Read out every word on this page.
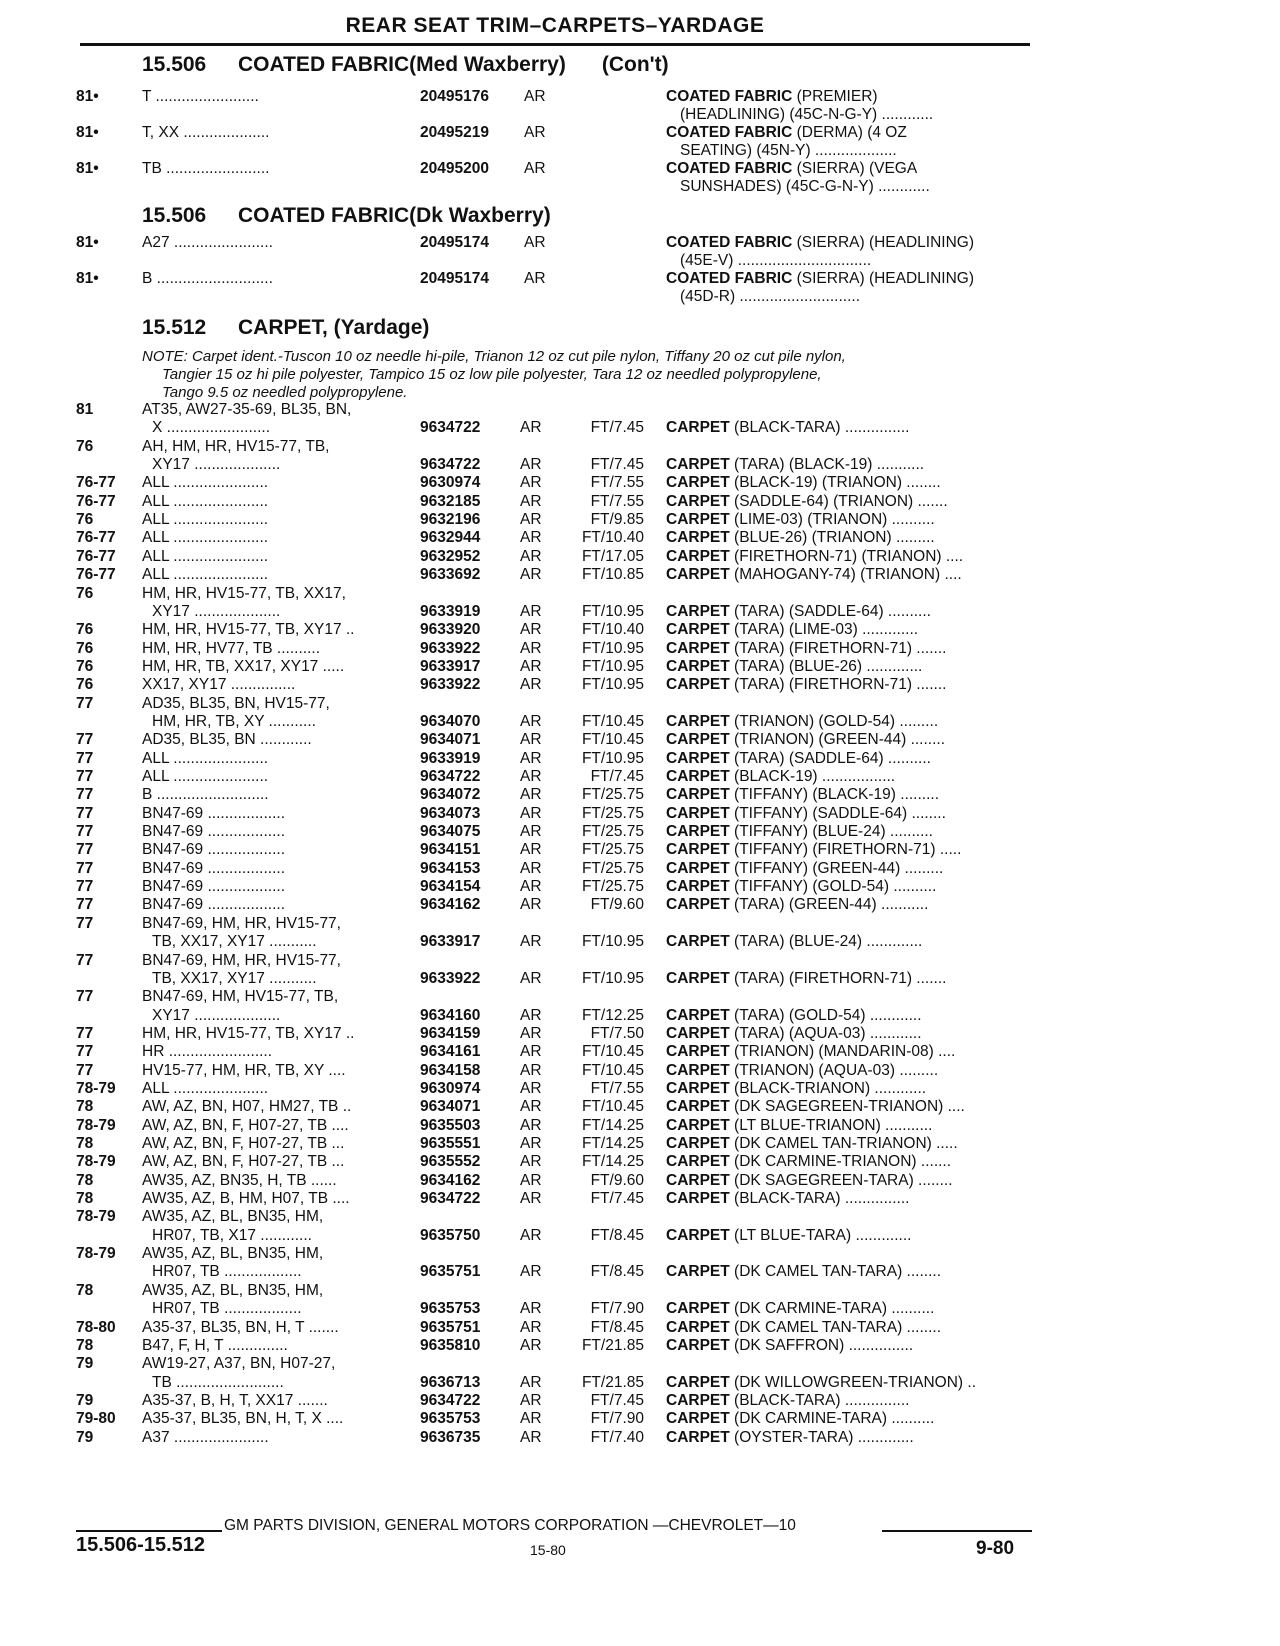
REAR SEAT TRIM–CARPETS–YARDAGE
15.506 COATED FABRIC(Med Waxberry) (Con't)
81•	T ........................	20495176	AR	COATED FABRIC (PREMIER)
(HEADLINING) (45C-N-G-Y) ............
81•	T, XX ....................	20495219	AR	COATED FABRIC (DERMA) (4 OZ
SEATING) (45N-Y) ...................
81•	TB ........................	20495200	AR	COATED FABRIC (SIERRA) (VEGA
SUNSHADES) (45C-G-N-Y) ............
15.506 COATED FABRIC(Dk Waxberry)
81•	A27 .......................	20495174	AR	COATED FABRIC (SIERRA) (HEADLINING)
(45E-V) ...............................
81•	B ...........................	20495174	AR	COATED FABRIC (SIERRA) (HEADLINING)
(45D-R) ............................
15.512 CARPET, (Yardage)
NOTE: Carpet ident.-Tuscon 10 oz needle hi-pile, Trianon 12 oz cut pile nylon, Tiffany 20 oz cut pile nylon,
Tangier 15 oz hi pile polyester, Tampico 15 oz low pile polyester, Tara 12 oz needled polypropylene,
Tango 9.5 oz needled polypropylene.
81	AT35, AW27-35-69, BL35, BN,
X ........................	9634722	AR	FT/7.45 CARPET (BLACK-TARA) ...............
76	AH, HM, HR, HV15-77, TB,
XY17 ....................	9634722	AR	FT/7.45 CARPET (TARA) (BLACK-19) ...........
76-77	ALL ......................	9630974	AR	FT/7.55 CARPET (BLACK-19) (TRIANON) ........
76-77	ALL ......................	9632185	AR	FT/7.55 CARPET (SADDLE-64) (TRIANON) .......
76	ALL ......................	9632196	AR	FT/9.85 CARPET (LIME-03) (TRIANON) ..........
76-77	ALL ......................	9632944	AR	FT/10.40 CARPET (BLUE-26) (TRIANON) .........
76-77	ALL ......................	9632952	AR	FT/17.05 CARPET (FIRETHORN-71) (TRIANON) ....
76-77	ALL ......................	9633692	AR	FT/10.85 CARPET (MAHOGANY-74) (TRIANON) ....
76	HM, HR, HV15-77, TB, XX17,
XY17 ....................	9633919	AR	FT/10.95 CARPET (TARA) (SADDLE-64) ..........
76	HM, HR, HV15-77, TB, XY17 ..	9633920	AR	FT/10.40 CARPET (TARA) (LIME-03) .............
76	HM, HR, HV77, TB ..........	9633922	AR	FT/10.95 CARPET (TARA) (FIRETHORN-71) .......
76	HM, HR, TB, XX17, XY17 .....	9633917	AR	FT/10.95 CARPET (TARA) (BLUE-26) .............
76	XX17, XY17 ...............	9633922	AR	FT/10.95 CARPET (TARA) (FIRETHORN-71) .......
77	AD35, BL35, BN, HV15-77,
HM, HR, TB, XY ...........	9634070	AR	FT/10.45 CARPET (TRIANON) (GOLD-54) .........
77	AD35, BL35, BN ............	9634071	AR	FT/10.45 CARPET (TRIANON) (GREEN-44) ........
77	ALL ......................	9633919	AR	FT/10.95 CARPET (TARA) (SADDLE-64) ..........
77	ALL ......................	9634722	AR	FT/7.45 CARPET (BLACK-19) .................
77	B ..........................	9634072	AR	FT/25.75 CARPET (TIFFANY) (BLACK-19) .........
77	BN47-69 ..................	9634073	AR	FT/25.75 CARPET (TIFFANY) (SADDLE-64) ........
77	BN47-69 ..................	9634075	AR	FT/25.75 CARPET (TIFFANY) (BLUE-24) ..........
77	BN47-69 ..................	9634151	AR	FT/25.75 CARPET (TIFFANY) (FIRETHORN-71) .....
77	BN47-69 ..................	9634153	AR	FT/25.75 CARPET (TIFFANY) (GREEN-44) .........
77	BN47-69 ..................	9634154	AR	FT/25.75 CARPET (TIFFANY) (GOLD-54) ..........
77	BN47-69 ..................	9634162	AR	FT/9.60 CARPET (TARA) (GREEN-44) ...........
77	BN47-69, HM, HR, HV15-77,
TB, XX17, XY17 ...........	9633917	AR	FT/10.95 CARPET (TARA) (BLUE-24) .............
77	BN47-69, HM, HR, HV15-77,
TB, XX17, XY17 ...........	9633922	AR	FT/10.95 CARPET (TARA) (FIRETHORN-71) .......
77	BN47-69, HM, HV15-77, TB,
XY17 ....................	9634160	AR	FT/12.25 CARPET (TARA) (GOLD-54) ............
77	HM, HR, HV15-77, TB, XY17 ..	9634159	AR	FT/7.50 CARPET (TARA) (AQUA-03) ............
77	HR ........................	9634161	AR	FT/10.45 CARPET (TRIANON) (MANDARIN-08) ....
77	HV15-77, HM, HR, TB, XY ....	9634158	AR	FT/10.45 CARPET (TRIANON) (AQUA-03) .........
78-79	ALL ......................	9630974	AR	FT/7.55 CARPET (BLACK-TRIANON) ............
78	AW, AZ, BN, H07, HM27, TB ..	9634071	AR	FT/10.45 CARPET (DK SAGEGREEN-TRIANON) ....
78-79	AW, AZ, BN, F, H07-27, TB ....	9635503	AR	FT/14.25 CARPET (LT BLUE-TRIANON) ...........
78	AW, AZ, BN, F, H07-27, TB ...	9635551	AR	FT/14.25 CARPET (DK CAMEL TAN-TRIANON) .....
78-79	AW, AZ, BN, F, H07-27, TB ...	9635552	AR	FT/14.25 CARPET (DK CARMINE-TRIANON) .......
78	AW35, AZ, BN35, H, TB ......	9634162	AR	FT/9.60 CARPET (DK SAGEGREEN-TARA) ........
78	AW35, AZ, B, HM, H07, TB ....	9634722	AR	FT/7.45 CARPET (BLACK-TARA) ...............
78-79	AW35, AZ, BL, BN35, HM,
HR07, TB, X17 ............	9635750	AR	FT/8.45 CARPET (LT BLUE-TARA) .............
78-79	AW35, AZ, BL, BN35, HM,
HR07, TB ..................	9635751	AR	FT/8.45 CARPET (DK CAMEL TAN-TARA) ........
78	AW35, AZ, BL, BN35, HM,
HR07, TB ..................	9635753	AR	FT/7.90 CARPET (DK CARMINE-TARA) ..........
78-80	A35-37, BL35, BN, H, T .......	9635751	AR	FT/8.45 CARPET (DK CAMEL TAN-TARA) ........
78	B47, F, H, T ..............	9635810	AR	FT/21.85 CARPET (DK SAFFRON) ...............
79	AW19-27, A37, BN, H07-27,
TB .........................	9636713	AR	FT/21.85 CARPET (DK WILLOWGREEN-TRIANON) ..
79	A35-37, B, H, T, XX17 .......	9634722	AR	FT/7.45 CARPET (BLACK-TARA) ...............
79-80	A35-37, BL35, BN, H, T, X ....	9635753	AR	FT/7.90 CARPET (DK CARMINE-TARA) ..........
79	A37 ......................	9636735	AR	FT/7.40 CARPET (OYSTER-TARA) .............
GM PARTS DIVISION, GENERAL MOTORS CORPORATION —CHEVROLET—10
15.506-15.512	15-80	9-80
